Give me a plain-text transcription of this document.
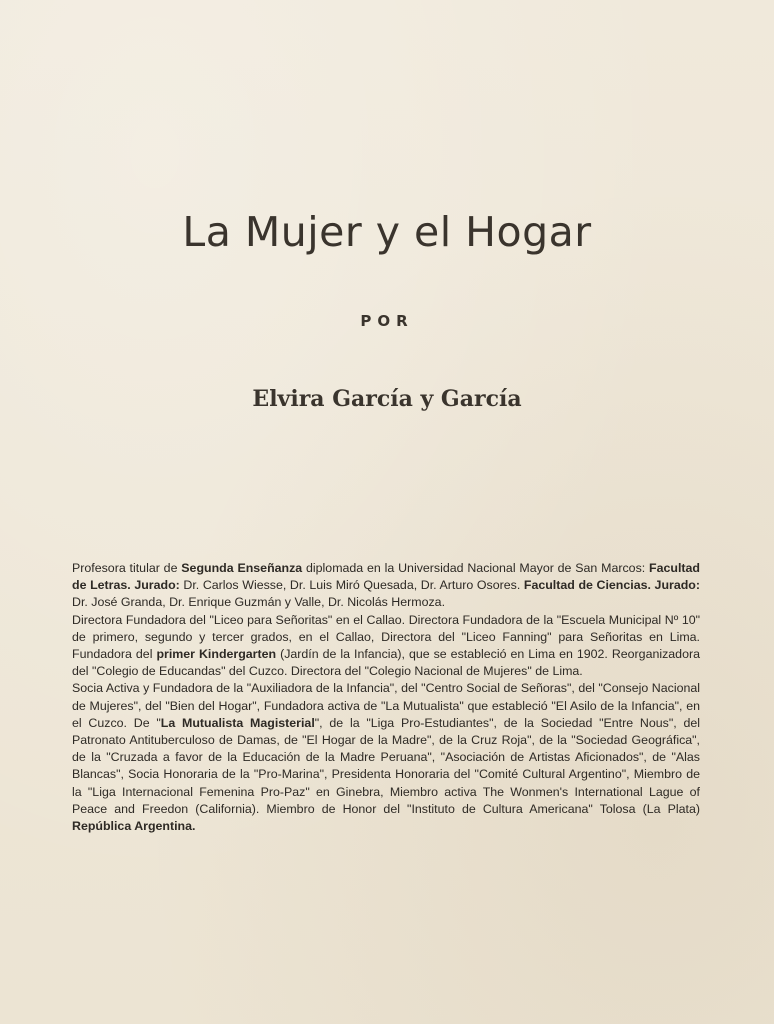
La Mujer y el Hogar
POR
Elvira García y García

Profesora titular de Segunda Enseñanza diplomada en la Universidad Nacional Mayor de San Marcos: Facultad de Letras. Jurado: Dr. Carlos Wiesse, Dr. Luis Miró Quesada, Dr. Arturo Osores. Facultad de Ciencias. Jurado: Dr. José Granda, Dr. Enrique Guzmán y Valle, Dr. Nicolás Hermoza.

Directora Fundadora del "Liceo para Señoritas" en el Callao. Directora Fundadora de la "Escuela Municipal Nº 10" de primero, segundo y tercer grados, en el Callao, Directora del "Liceo Fanning" para Señoritas en Lima. Fundadora del primer Kindergarten (Jardín de la Infancia), que se estableció en Lima en 1902. Reorganizadora del "Colegio de Educandas" del Cuzco. Directora del "Colegio Nacional de Mujeres" de Lima.

Socia Activa y Fundadora de la "Auxiliadora de la Infancia", del "Centro Social de Señoras", del "Consejo Nacional de Mujeres", del "Bien del Hogar", Fundadora activa de "La Mutualista" que estableció "El Asilo de la Infancia", en el Cuzco. De "La Mutualista Magisterial", de la "Liga Pro-Estudiantes", de la Sociedad "Entre Nous", del Patronato Antituberculoso de Damas, de "El Hogar de la Madre", de la Cruz Roja", de la "Sociedad Geográfica", de la "Cruzada a favor de la Educación de la Madre Peruana", "Asociación de Artistas Aficionados", de "Alas Blancas", Socia Honoraria de la "Pro-Marina", Presidenta Honoraria del "Comité Cultural Argentino", Miembro de la "Liga Internacional Femenina Pro-Paz" en Ginebra, Miembro activa The Wonmen's International Lague of Peace and Freedon (California). Miembro de Honor del "Instituto de Cultura Americana" Tolosa (La Plata) República Argentina.
